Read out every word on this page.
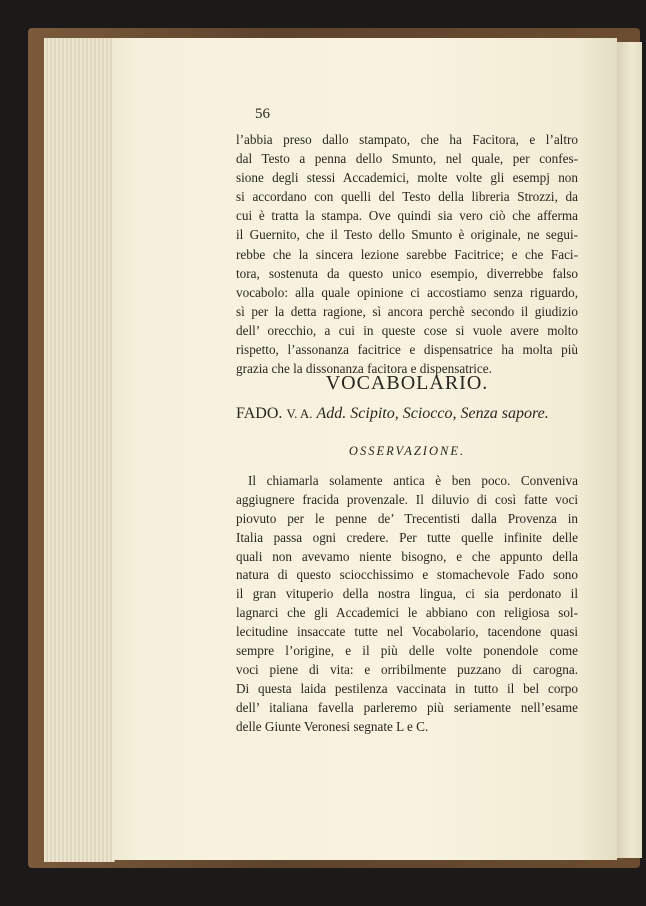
56
l’abbia preso dallo stampato, che ha Facitora, e l’altro
dal Testo a penna dello Smunto, nel quale, per confes-
sione degli stessi Accademici, molte volte gli esempj non
si accordano con quelli del Testo della libreria Strozzi, da
cui è tratta la stampa. Ove quindi sia vero ciò che afferma
il Guernito, che il Testo dello Smunto è originale, ne segui-
rebbe che la sincera lezione sarebbe Facitrice; e che Faci-
tora, sostenuta da questo unico esempio, diverrebbe falso
vocabolo: alla quale opinione ci accostiamo senza riguardo,
sì per la detta ragione, sì ancora perchè secondo il giudizio
dell’ orecchio, a cui in queste cose si vuole avere molto
rispetto, l’assonanza facitrice e dispensatrice ha molta più
grazia che la dissonanza facitora e dispensatrice.
VOCABOLARIO.
FADO. V. A. Add. Scipito, Sciocco, Senza sapore.
OSSERVAZIONE.
Il chiamarla solamente antica è ben poco. Conveniva
aggiugnere fracida provenzale. Il diluvio di così fatte voci
piovuto per le penne de’ Trecentisti dalla Provenza in
Italia passa ogni credere. Per tutte quelle infinite delle
quali non avevamo niente bisogno, e che appunto della
natura di questo sciocchissimo e stomachevole Fado sono
il gran vituperio della nostra lingua, ci sia perdonato il
lagnarci che gli Accademici le abbiano con religiosa sol-
lecitudine insaccate tutte nel Vocabolario, tacendone quasi
sempre l’origine, e il più delle volte ponendole come
voci piene di vita: e orribilmente puzzano di carogna.
Di questa laida pestilenza vaccinata in tutto il bel corpo
dell’ italiana favella parleremo più seriamente nell’esame
delle Giunte Veronesi segnate L e C.
